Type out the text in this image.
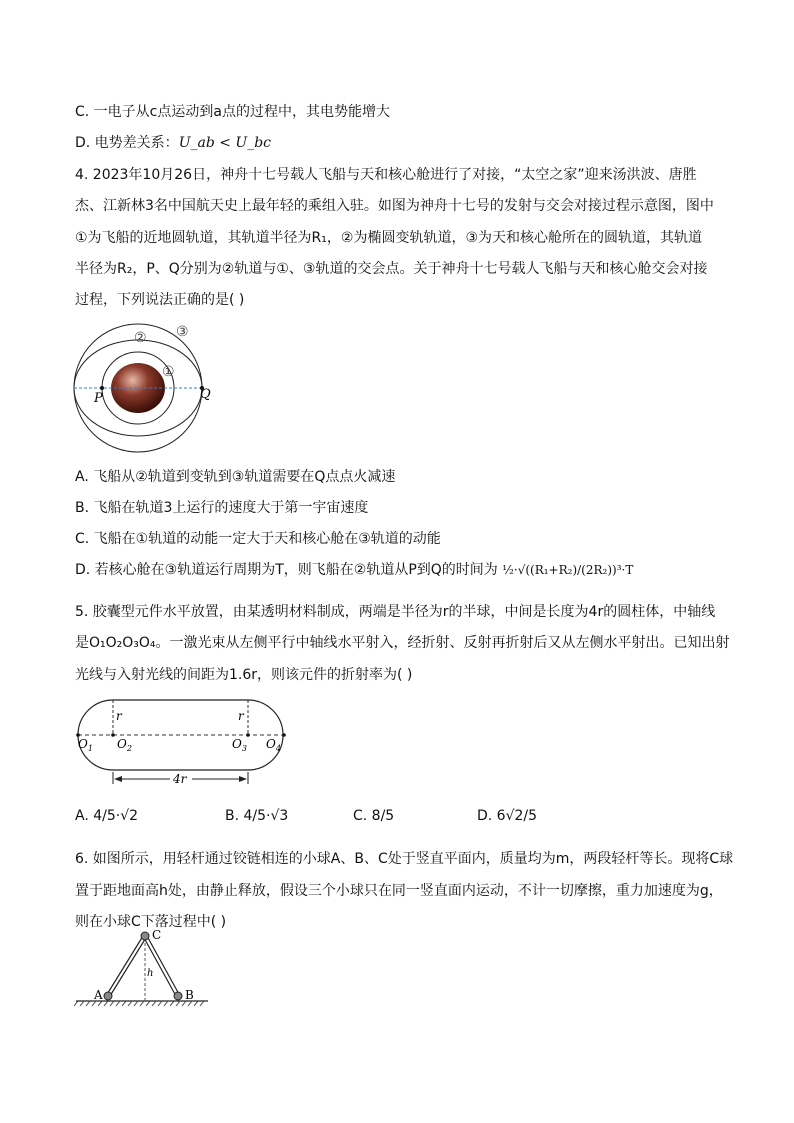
C. 一电子从c点运动到a点的过程中，其电势能增大
D. 电势差关系：U_ab < U_bc
4. 2023年10月26日，神舟十七号载人飞船与天和核心舱进行了对接，“太空之家”迎来汤洪波、唐胜
杰、江新林3名中国航天史上最年轻的乘组入驻。如图为神舟十七号的发射与交会对接过程示意图，图中
①为飞船的近地圆轨道，其轨道半径为R₁，②为椭圆变轨轨道，③为天和核心舱所在的圆轨道，其轨道
半径为R₂，P、Q分别为②轨道与①、③轨道的交会点。关于神舟十七号载人飞船与天和核心舱交会对接
过程，下列说法正确的是( )
①
② ③
P	Q
A. 飞船从②轨道到变轨到③轨道需要在Q点点火减速
B. 飞船在轨道3上运行的速度大于第一宇宙速度
C. 飞船在①轨道的动能一定大于天和核心舱在③轨道的动能
D. 若核心舱在③轨道运行周期为T，则飞船在②轨道从P到Q的时间为 ½·√((R₁+R₂)/(2R₂))³·T
5. 胶囊型元件水平放置，由某透明材料制成，两端是半径为r的半球，中间是长度为4r的圆柱体，中轴线
是O₁O₂O₃O₄。一激光束从左侧平行中轴线水平射入，经折射、反射再折射后又从左侧水平射出。已知出射
光线与入射光线的间距为1.6r，则该元件的折射率为( )
r	r
$O_1$ $O_2$	$O_3$ $O_4$
4r
A. 4/5·√2	B. 4/5·√3	C. 8/5	D. 6√2/5
6. 如图所示，用轻杆通过铰链相连的小球A、B、C处于竖直平面内，质量均为m，两段轻杆等长。现将C球
置于距地面高h处，由静止释放，假设三个小球只在同一竖直面内运动，不计一切摩擦，重力加速度为g，
则在小球C下落过程中( )
C
A	B
h
